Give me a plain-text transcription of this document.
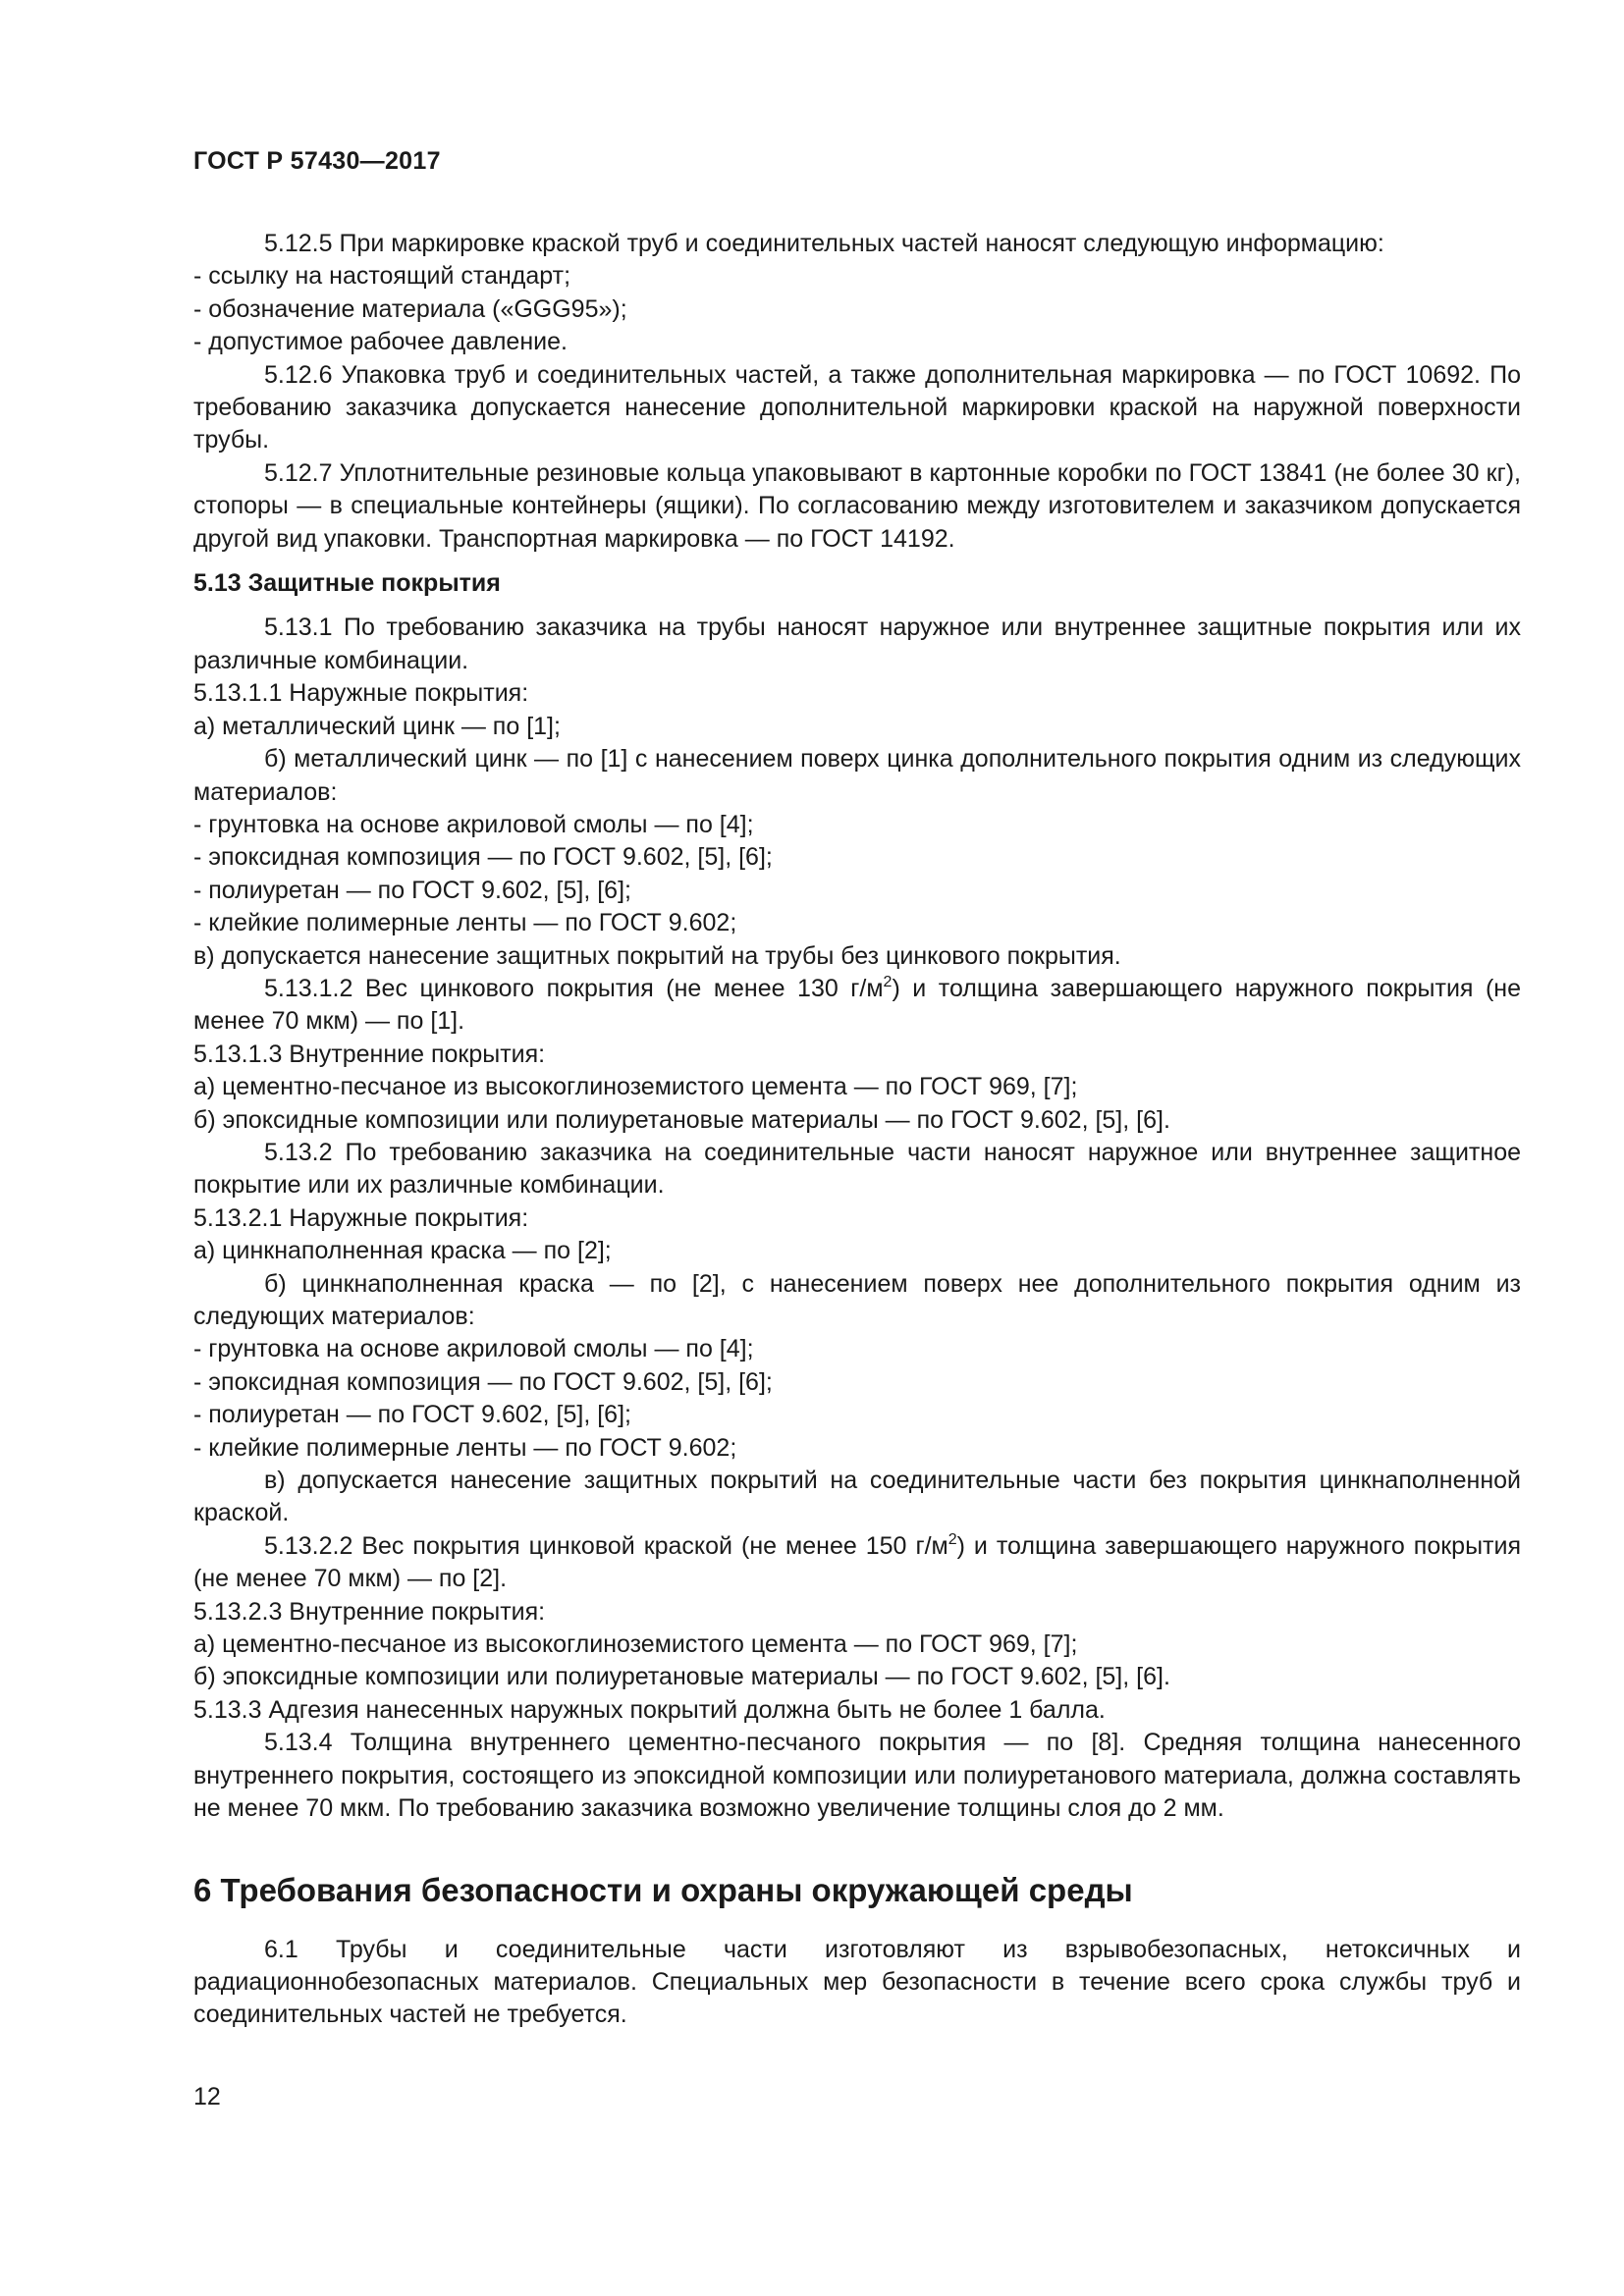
ГОСТ Р 57430—2017

5.12.5 При маркировке краской труб и соединительных частей наносят следующую информацию:

- ссылку на настоящий стандарт;

- обозначение материала («GGG95»);

- допустимое рабочее давление.

5.12.6 Упаковка труб и соединительных частей, а также дополнительная маркировка — по ГОСТ 10692. По требованию заказчика допускается нанесение дополнительной маркировки краской на наружной поверхности трубы.

5.12.7 Уплотнительные резиновые кольца упаковывают в картонные коробки по ГОСТ 13841 (не более 30 кг), стопоры — в специальные контейнеры (ящики). По согласованию между изготовителем и заказчиком допускается другой вид упаковки. Транспортная маркировка — по ГОСТ 14192.

5.13 Защитные покрытия

5.13.1 По требованию заказчика на трубы наносят наружное или внутреннее защитные покрытия или их различные комбинации.

5.13.1.1 Наружные покрытия:

а) металлический цинк — по [1];

б) металлический цинк — по [1] с нанесением поверх цинка дополнительного покрытия одним из следующих материалов:

- грунтовка на основе акриловой смолы — по [4];

- эпоксидная композиция — по ГОСТ 9.602, [5], [6];

- полиуретан — по ГОСТ 9.602, [5], [6];

- клейкие полимерные ленты — по ГОСТ 9.602;

в) допускается нанесение защитных покрытий на трубы без цинкового покрытия.

5.13.1.2 Вес цинкового покрытия (не менее 130 $г/м^2$) и толщина завершающего наружного покрытия (не менее 70 мкм) — по [1].

5.13.1.3 Внутренние покрытия:

а) цементно-песчаное из высокоглиноземистого цемента — по ГОСТ 969, [7];

б) эпоксидные композиции или полиуретановые материалы — по ГОСТ 9.602, [5], [6].

5.13.2 По требованию заказчика на соединительные части наносят наружное или внутреннее защитное покрытие или их различные комбинации.

5.13.2.1 Наружные покрытия:

а) цинкнаполненная краска — по [2];

б) цинкнаполненная краска — по [2], с нанесением поверх нее дополнительного покрытия одним из следующих материалов:

- грунтовка на основе акриловой смолы — по [4];

- эпоксидная композиция — по ГОСТ 9.602, [5], [6];

- полиуретан — по ГОСТ 9.602, [5], [6];

- клейкие полимерные ленты — по ГОСТ 9.602;

в) допускается нанесение защитных покрытий на соединительные части без покрытия цинкнаполненной краской.

5.13.2.2 Вес покрытия цинковой краской (не менее 150 $г/м^2$) и толщина завершающего наружного покрытия (не менее 70 мкм) — по [2].

5.13.2.3 Внутренние покрытия:

а) цементно-песчаное из высокоглиноземистого цемента — по ГОСТ 969, [7];

б) эпоксидные композиции или полиуретановые материалы — по ГОСТ 9.602, [5], [6].

5.13.3 Адгезия нанесенных наружных покрытий должна быть не более 1 балла.

5.13.4 Толщина внутреннего цементно-песчаного покрытия — по [8]. Средняя толщина нанесенного внутреннего покрытия, состоящего из эпоксидной композиции или полиуретанового материала, должна составлять не менее 70 мкм. По требованию заказчика возможно увеличение толщины слоя до 2 мм.

6 Требования безопасности и охраны окружающей среды

6.1 Трубы и соединительные части изготовляют из взрывобезопасных, нетоксичных и радиационнобезопасных материалов. Специальных мер безопасности в течение всего срока службы труб и соединительных частей не требуется.

12
